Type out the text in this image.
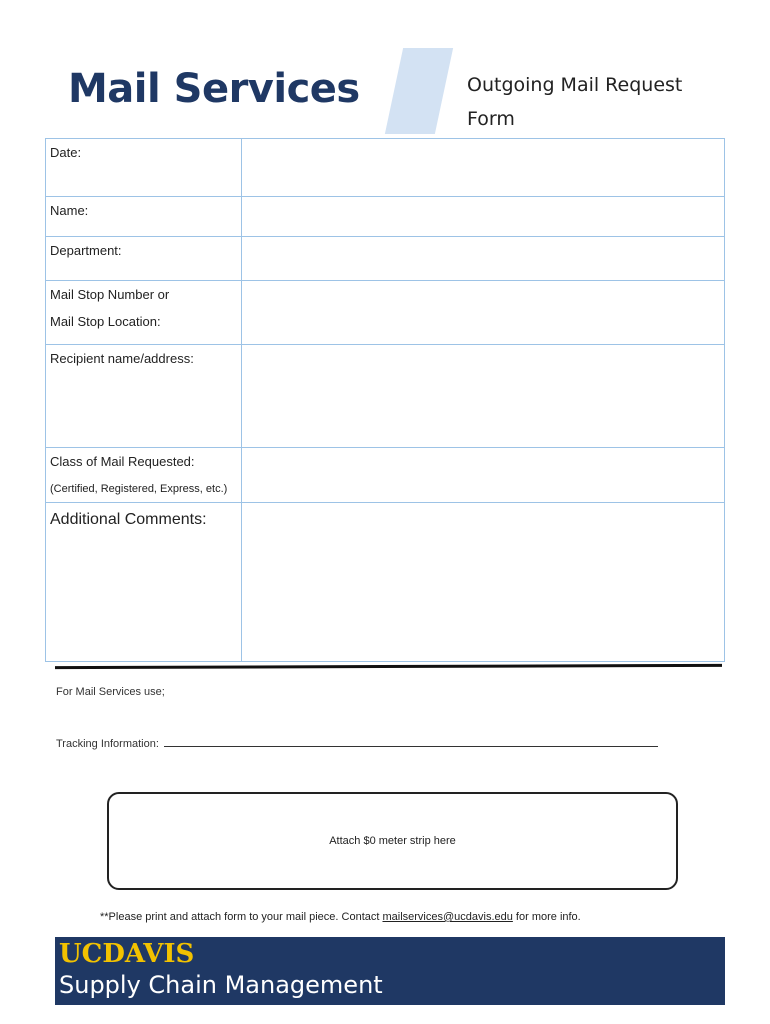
Mail Services	Outgoing Mail Request Form
Date:	
Name:	
Department:	
Mail Stop Number or
Mail Stop Location:

Recipient name/address:	
Class of Mail Requested:
(Certified, Registered, Express, etc.)

Additional Comments:	
For Mail Services use;
Tracking Information:
Attach $0 meter strip here
**Please print and attach form to your mail piece. Contact mailservices@ucdavis.edu for more info.
UCDAVIS
Supply Chain Management
